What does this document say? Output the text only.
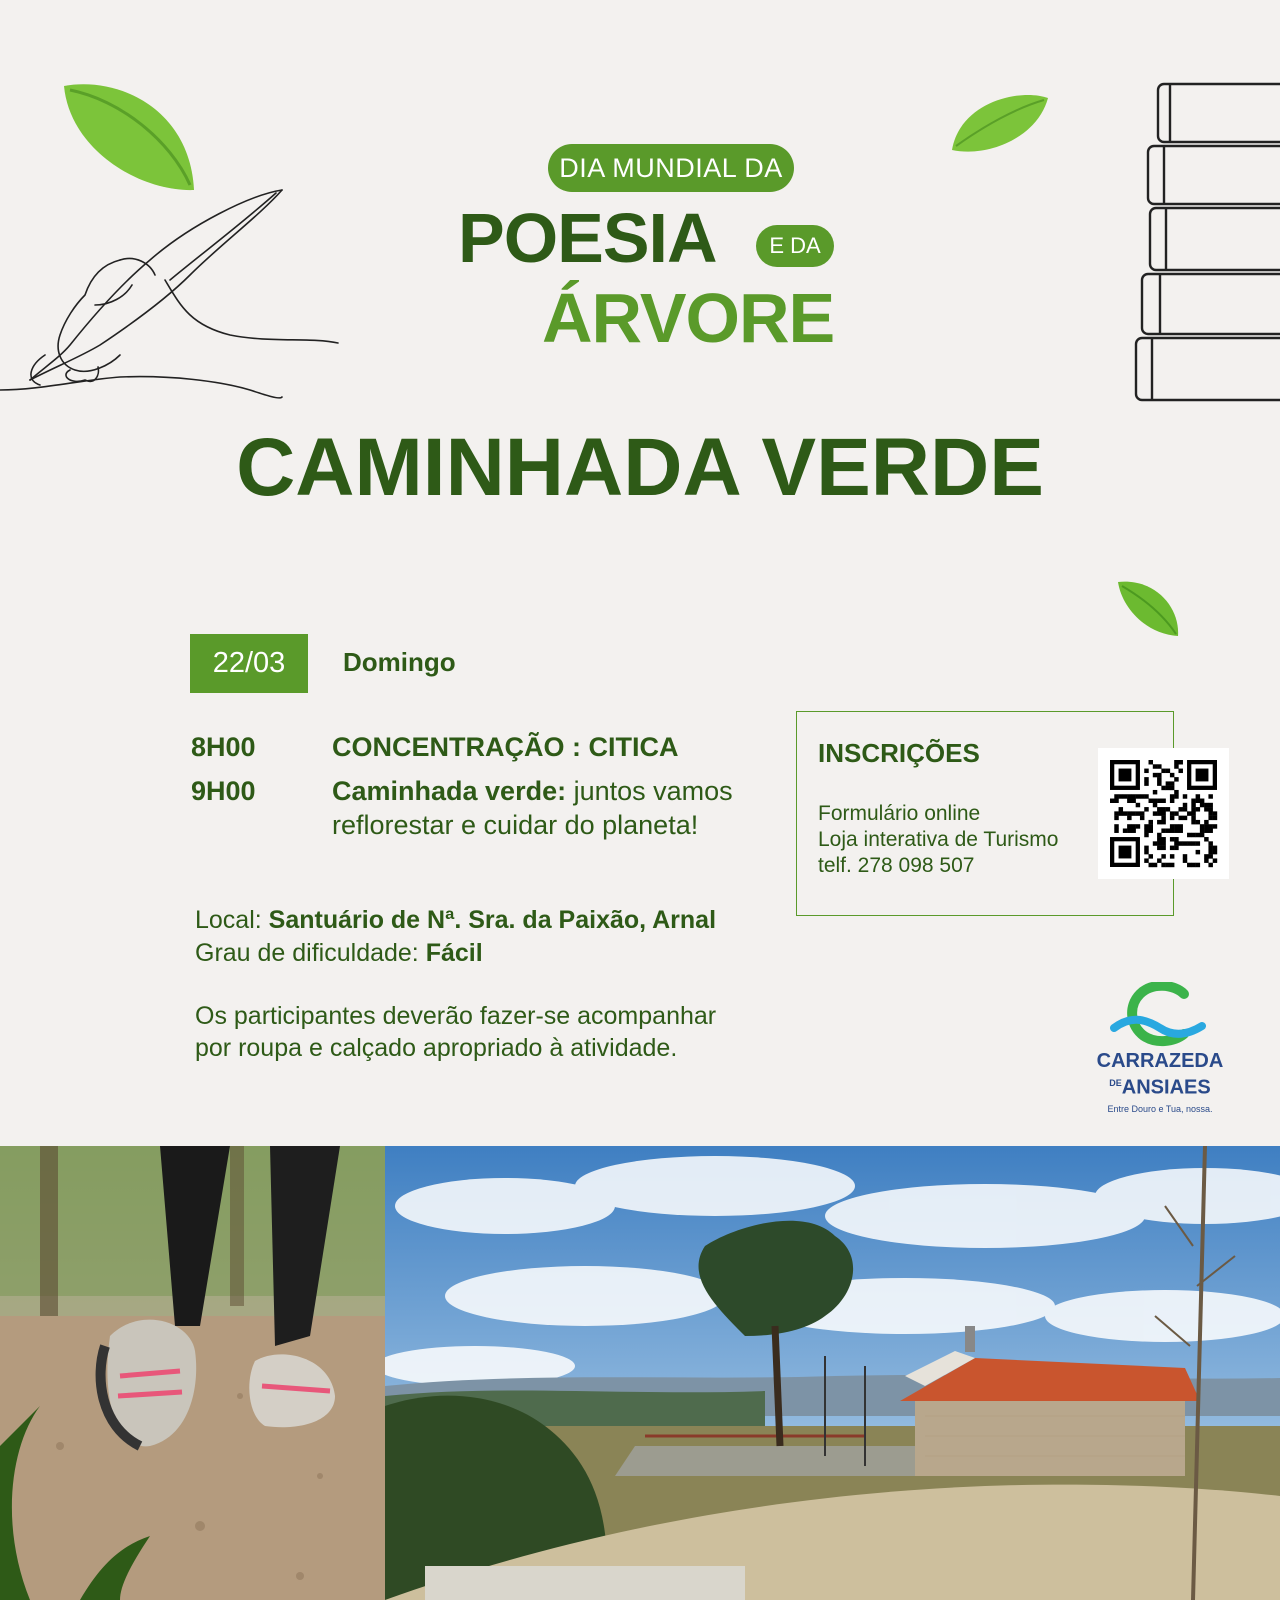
DIA MUNDIAL DA
POESIA	E DA
ÁRVORE
CAMINHADA VERDE
22/03	Domingo
8H00	CONCENTRAÇÃO : CITICA
9H00	Caminhada verde: juntos vamos
reflorestar e cuidar do planeta!
INSCRIÇÕES
Formulário online
Loja interativa de Turismo
telf. 278 098 507
Local: Santuário de Nª. Sra. da Paixão, Arnal
Grau de dificuldade: Fácil
Os participantes deverão fazer-se acompanhar
por roupa e calçado apropriado à atividade.	CARRAZEDA
$^{DE}$ANSIAES
Entre Douro e Tua, nossa.
